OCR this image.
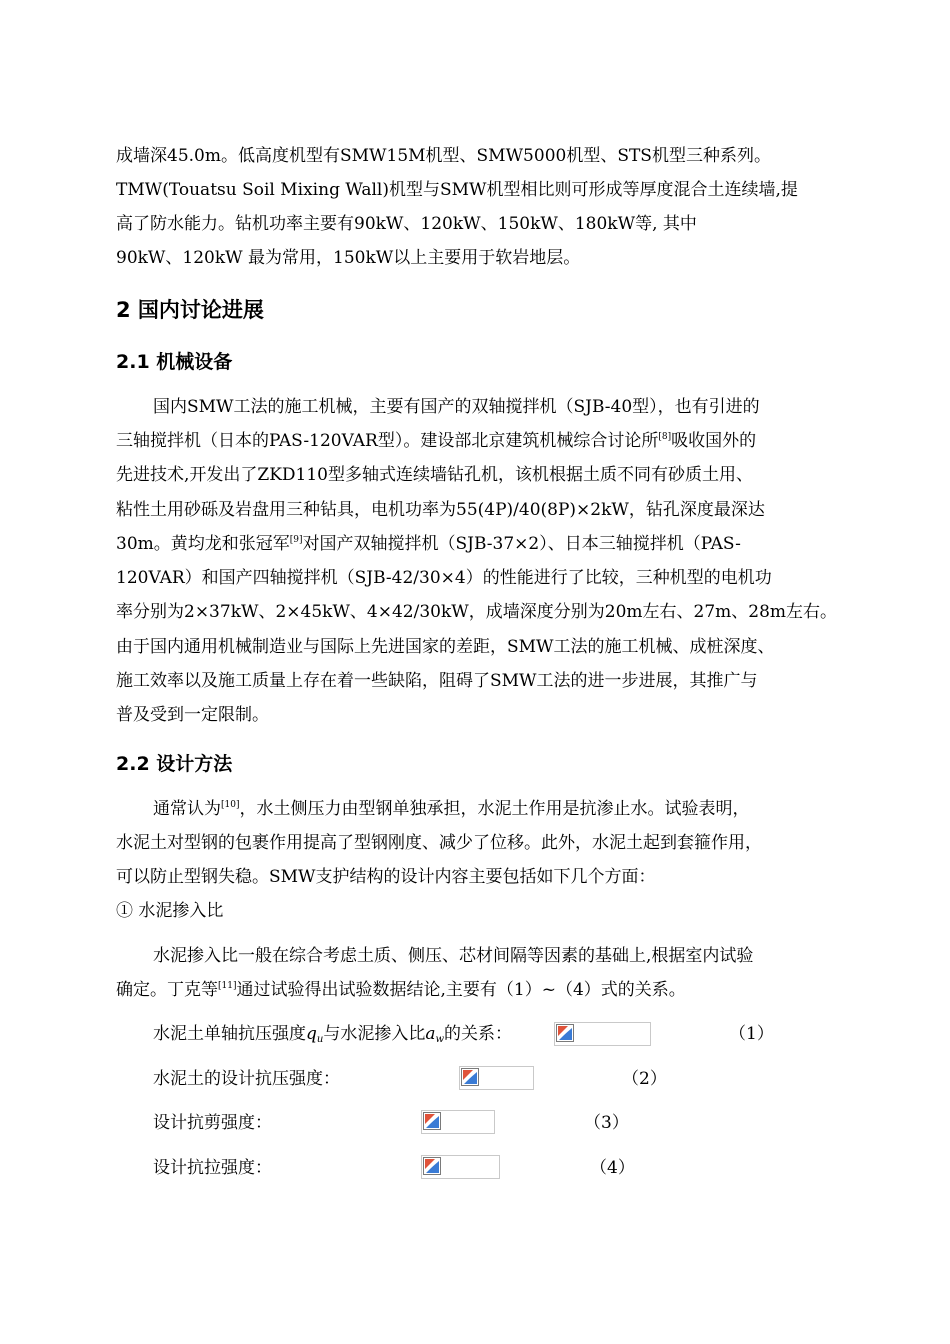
成墙深45.0m。低高度机型有SMW15M机型、SMW5000机型、STS机型三种系列。
TMW(Touatsu Soil Mixing Wall)机型与SMW机型相比则可形成等厚度混合土连续墙,提
高了防水能力。钻机功率主要有90kW、120kW、150kW、180kW等, 其中
90kW、120kW 最为常用，150kW以上主要用于软岩地层。
2 国内讨论进展
2.1 机械设备
国内SMW工法的施工机械，主要有国产的双轴搅拌机（SJB-40型），也有引进的
三轴搅拌机（日本的PAS-120VAR型）。建设部北京建筑机械综合讨论所[8]吸收国外的
先进技术,开发出了ZKD110型多轴式连续墙钻孔机，该机根据土质不同有砂质土用、
粘性土用砂砾及岩盘用三种钻具，电机功率为55(4P)/40(8P)×2kW，钻孔深度最深达
30m。黄均龙和张冠军[9]对国产双轴搅拌机（SJB-37×2）、日本三轴搅拌机（PAS-
120VAR）和国产四轴搅拌机（SJB-42/30×4）的性能进行了比较，三种机型的电机功
率分别为2×37kW、2×45kW、4×42/30kW，成墙深度分别为20m左右、27m、28m左右。
由于国内通用机械制造业与国际上先进国家的差距，SMW工法的施工机械、成桩深度、
施工效率以及施工质量上存在着一些缺陷，阻碍了SMW工法的进一步进展，其推广与
普及受到一定限制。
2.2 设计方法
通常认为[10]，水土侧压力由型钢单独承担，水泥土作用是抗渗止水。试验表明，
水泥土对型钢的包裹作用提高了型钢刚度、减少了位移。此外，水泥土起到套箍作用，
可以防止型钢失稳。SMW支护结构的设计内容主要包括如下几个方面：
① 水泥掺入比
水泥掺入比一般在综合考虑土质、侧压、芯材间隔等因素的基础上,根据室内试验
确定。丁克等[11]通过试验得出试验数据结论,主要有（1）~（4）式的关系。
水泥土单轴抗压强度$q_u$与水泥掺入比$a_w$的关系：	（1）
水泥土的设计抗压强度：	（2）
设计抗剪强度：	（3）
设计抗拉强度：	（4）
